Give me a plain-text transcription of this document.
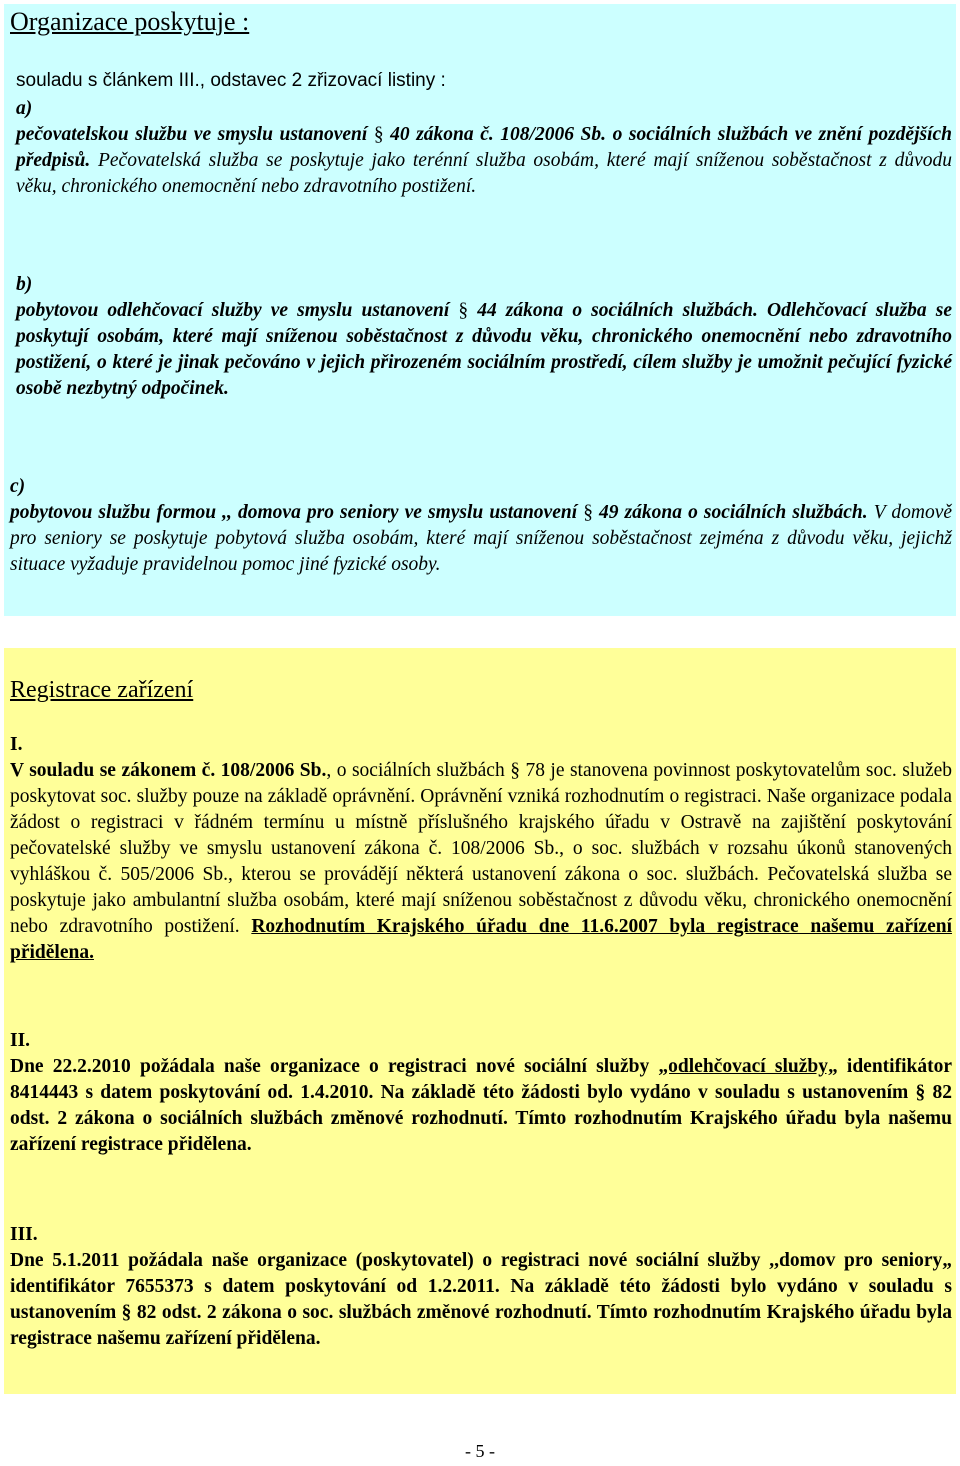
Organizace poskytuje :
souladu s článkem III., odstavec 2 zřizovací listiny :
a)
pečovatelskou službu ve smyslu ustanovení § 40 zákona č. 108/2006 Sb. o sociálních službách ve znění pozdějších předpisů. Pečovatelská služba se poskytuje jako terénní služba osobám, které mají sníženou soběstačnost z důvodu věku, chronického onemocnění nebo zdravotního postižení.
b)
pobytovou odlehčovací služby ve smyslu ustanovení § 44 zákona o sociálních službách. Odlehčovací služba se poskytují osobám, které mají sníženou soběstačnost z důvodu věku, chronického onemocnění nebo zdravotního postižení, o které je jinak pečováno v jejich přirozeném sociálním prostředí, cílem služby je umožnit pečující fyzické osobě nezbytný odpočinek.
c)
pobytovou službu formou ,, domova pro seniory ve smyslu ustanovení § 49 zákona o sociálních službách. V domově pro seniory se poskytuje pobytová služba osobám, které mají sníženou soběstačnost zejména z důvodu věku, jejichž situace vyžaduje pravidelnou pomoc jiné fyzické osoby.
Registrace zařízení
I.
V souladu se zákonem č. 108/2006 Sb., o sociálních službách § 78 je stanovena povinnost poskytovatelům soc. služeb poskytovat soc. služby pouze na základě oprávnění. Oprávnění vzniká rozhodnutím o registraci. Naše organizace podala žádost o registraci v řádném termínu u místně příslušného krajského úřadu v Ostravě na zajištění poskytování pečovatelské služby ve smyslu ustanovení zákona č. 108/2006 Sb., o soc. službách v rozsahu úkonů stanovených vyhláškou č. 505/2006 Sb., kterou se provádějí některá ustanovení zákona o soc. službách. Pečovatelská služba se poskytuje jako ambulantní služba osobám, které mají sníženou soběstačnost z důvodu věku, chronického onemocnění nebo zdravotního postižení. Rozhodnutím Krajského úřadu dne 11.6.2007 byla registrace našemu zařízení přidělena.
II.
Dne 22.2.2010 požádala naše organizace o registraci nové sociální služby „odlehčovací služby„ identifikátor 8414443 s datem poskytování od. 1.4.2010. Na základě této žádosti bylo vydáno v souladu s ustanovením § 82 odst. 2 zákona o sociálních službách změnové rozhodnutí. Tímto rozhodnutím Krajského úřadu byla našemu zařízení registrace přidělena.
III.
Dne 5.1.2011 požádala naše organizace (poskytovatel) o registraci nové sociální služby ,,domov pro seniory„ identifikátor 7655373 s datem poskytování od 1.2.2011. Na základě této žádosti bylo vydáno v souladu s ustanovením § 82 odst. 2 zákona o soc. službách změnové rozhodnutí. Tímto rozhodnutím Krajského úřadu byla registrace našemu zařízení přidělena.
- 5 -
